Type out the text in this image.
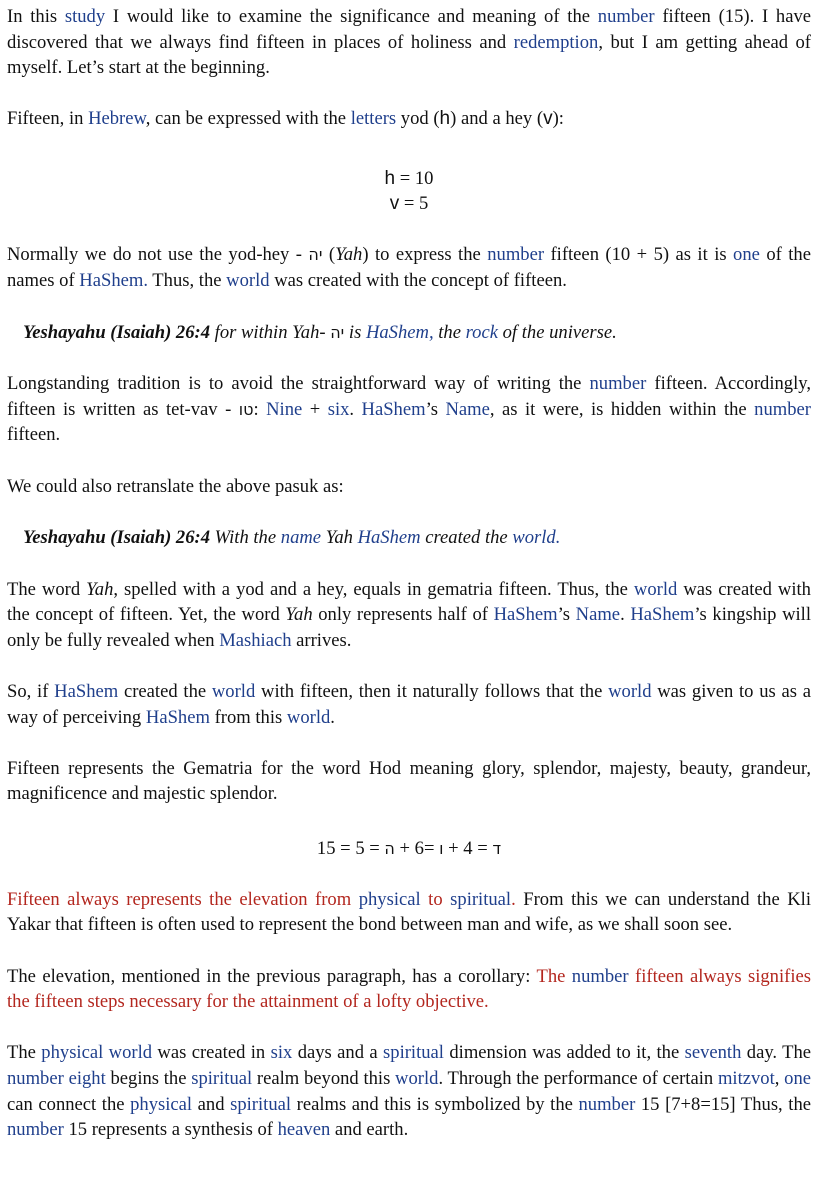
In this study I would like to examine the significance and meaning of the number fifteen (15). I have discovered that we always find fifteen in places of holiness and redemption, but I am getting ahead of myself. Let’s start at the beginning.

Fifteen, in Hebrew, can be expressed with the letters yod (h) and a hey (v):

h = 10

v = 5

Normally we do not use the yod-hey - יה (Yah) to express the number fifteen (10 + 5) as it is one of the names of HaShem. Thus, the world was created with the concept of fifteen.

Yeshayahu (Isaiah) 26:4 for within Yah- יה is HaShem, the rock of the universe.

Longstanding tradition is to avoid the straightforward way of writing the number fifteen. Accordingly, fifteen is written as tet-vav - טו: Nine + six. HaShem’s Name, as it were, is hidden within the number fifteen.

We could also retranslate the above pasuk as:

Yeshayahu (Isaiah) 26:4 With the name Yah HaShem created the world.

The word Yah, spelled with a yod and a hey, equals in gematria fifteen. Thus, the world was created with the concept of fifteen. Yet, the word Yah only represents half of HaShem’s Name. HaShem’s kingship will only be fully revealed when Mashiach arrives.

So, if HaShem created the world with fifteen, then it naturally follows that the world was given to us as a way of perceiving HaShem from this world.

Fifteen represents the Gematria for the word Hod meaning glory, splendor, majesty, beauty, grandeur, magnificence and majestic splendor.

15 =	ד = 4 + ו =6 + ה = 5

Fifteen always represents the elevation from physical to spiritual. From this we can understand the Kli Yakar that fifteen is often used to represent the bond between man and wife, as we shall soon see.

The elevation, mentioned in the previous paragraph, has a corollary: The number fifteen always signifies the fifteen steps necessary for the attainment of a lofty objective.

The physical world was created in six days and a spiritual dimension was added to it, the seventh day. The number eight begins the spiritual realm beyond this world. Through the performance of certain mitzvot, one can connect the physical and spiritual realms and this is symbolized by the number 15 [7+8=15] Thus, the number 15 represents a synthesis of heaven and earth.
